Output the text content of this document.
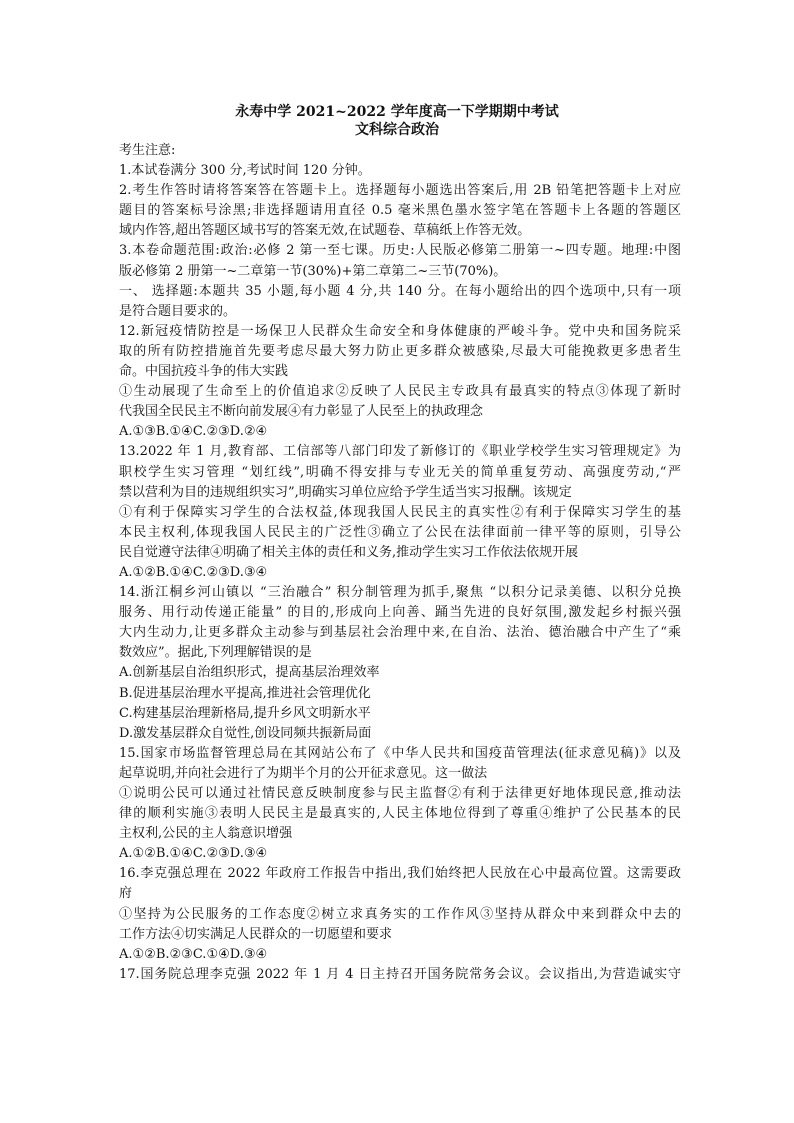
永寿中学 2021~2022 学年度高一下学期期中考试
文科综合政治
考生注意:
1.本试卷满分 300 分,考试时间 120 分钟。
2.考生作答时请将答案答在答题卡上。选择题每小题选出答案后,用 2B 铅笔把答题卡上对应
题目的答案标号涂黑;非选择题请用直径 0.5 毫米黑色墨水签字笔在答题卡上各题的答题区
域内作答,超出答题区域书写的答案无效,在试题卷、草稿纸上作答无效。
3.本卷命题范围:政治:必修 2 第一至七课。历史:人民版必修第二册第一~四专题。地理:中图
版必修第 2 册第一~二章第一节(30%)+第二章第二~三节(70%)。
一、 选择题:本题共 35 小题,每小题 4 分,共 140 分。在每小题给出的四个选项中,只有一项
是符合题目要求的。
12.新冠疫情防控是一场保卫人民群众生命安全和身体健康的严峻斗争。党中央和国务院采
取的所有防控措施首先要考虑尽最大努力防止更多群众被感染,尽最大可能挽救更多患者生
命。中国抗疫斗争的伟大实践
①生动展现了生命至上的价值追求②反映了人民民主专政具有最真实的特点③体现了新时
代我国全民民主不断向前发展④有力彰显了人民至上的执政理念
A.①③B.①④C.②③D.②④
13.2022 年 1 月,教育部、工信部等八部门印发了新修订的《职业学校学生实习管理规定》为
职校学生实习管理 “划红线”,明确不得安排与专业无关的简单重复劳动、高强度劳动,“严
禁以营利为目的违规组织实习”,明确实习单位应给予学生适当实习报酬。该规定
①有利于保障实习学生的合法权益,体现我国人民民主的真实性②有利于保障实习学生的基
本民主权利,体现我国人民民主的广泛性③确立了公民在法律面前一律平等的原则，引导公
民自觉遵守法律④明确了相关主体的责任和义务,推动学生实习工作依法依规开展
A.①②B.①④C.②③D.③④
14.浙江桐乡河山镇以 “三治融合” 积分制管理为抓手,聚焦 “以积分记录美德、以积分兑换
服务、用行动传递正能量” 的目的,形成向上向善、踊当先进的良好氛围,激发起乡村振兴强
大内生动力,让更多群众主动参与到基层社会治理中来,在自治、法治、德治融合中产生了“乘
数效应”。据此,下列理解错误的是
A.创新基层自治组织形式，提高基层治理效率
B.促进基层治理水平提高,推进社会管理优化
C.构建基层治理新格局,提升乡风文明新水平
D.激发基层群众自觉性,创设同频共振新局面
15.国家市场监督管理总局在其网站公布了《中华人民共和国疫苗管理法(征求意见稿)》以及
起草说明,并向社会进行了为期半个月的公开征求意见。这一做法
①说明公民可以通过社情民意反映制度参与民主监督②有利于法律更好地体现民意,推动法
律的顺利实施③表明人民民主是最真实的,人民主体地位得到了尊重④维护了公民基本的民
主权利,公民的主人翁意识增强
A.①②B.①④C.②③D.③④
16.李克强总理在 2022 年政府工作报告中指出,我们始终把人民放在心中最高位置。这需要政
府
①坚持为公民服务的工作态度②树立求真务实的工作作风③坚持从群众中来到群众中去的
工作方法④切实满足人民群众的一切愿望和要求
A.①②B.②③C.①④D.③④
17.国务院总理李克强 2022 年 1 月 4 日主持召开国务院常务会议。会议指出,为营造诚实守
